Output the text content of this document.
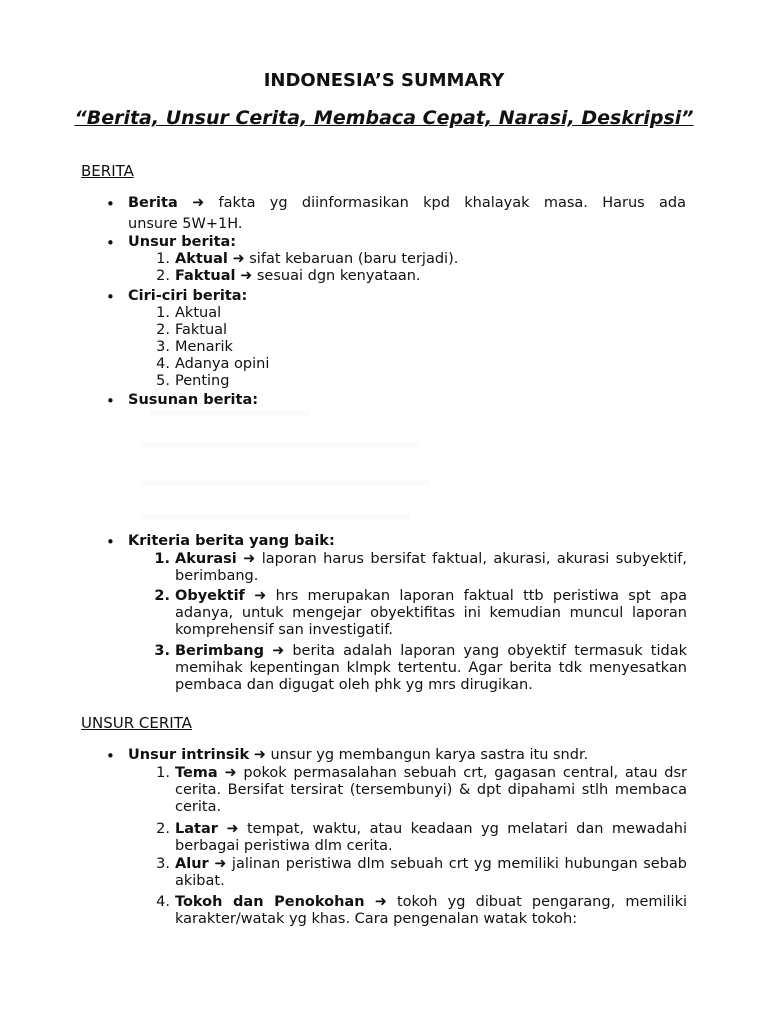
INDONESIA’S SUMMARY
“Berita, Unsur Cerita, Membaca Cepat, Narasi, Deskripsi”
BERITA
• Berita ➜ fakta yg diinformasikan kpd khalayak masa. Harus ada
unsure 5W+1H.
• Unsur berita:
1. Aktual ➜ sifat kebaruan (baru terjadi).
2. Faktual ➜ sesuai dgn kenyataan.
• Ciri-ciri berita:
1. Aktual
2. Faktual
3. Menarik
4. Adanya opini
5. Penting
• Susunan berita:
• Kriteria berita yang baik:
1. Akurasi ➜ laporan harus bersifat faktual, akurasi, akurasi subyektif, berimbang.
2. Obyektif ➜ hrs merupakan laporan faktual ttb peristiwa spt apa adanya, untuk mengejar obyektifitas ini kemudian muncul laporan komprehensif san investigatif.
3. Berimbang ➜ berita adalah laporan yang obyektif termasuk tidak memihak kepentingan klmpk tertentu. Agar berita tdk menyesatkan pembaca dan digugat oleh phk yg mrs dirugikan.
UNSUR CERITA
• Unsur intrinsik ➜ unsur yg membangun karya sastra itu sndr.
1. Tema ➜ pokok permasalahan sebuah crt, gagasan central, atau dsr cerita. Bersifat tersirat (tersembunyi) & dpt dipahami stlh membaca cerita.
2. Latar ➜ tempat, waktu, atau keadaan yg melatari dan mewadahi berbagai peristiwa dlm cerita.
3. Alur ➜ jalinan peristiwa dlm sebuah crt yg memiliki hubungan sebab akibat.
4. Tokoh dan Penokohan ➜ tokoh yg dibuat pengarang, memiliki karakter/watak yg khas. Cara pengenalan watak tokoh:
